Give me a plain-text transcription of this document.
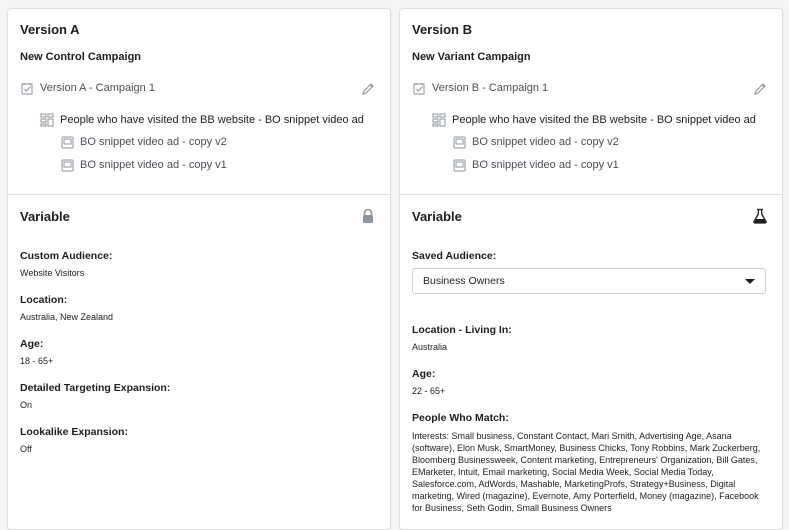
Version A
New Control Campaign
Version A - Campaign 1
People who have visited the BB website - BO snippet video ad
BO snippet video ad - copy v2
BO snippet video ad - copy v1
Variable
Custom Audience:
Website Visitors
Location:
Australia, New Zealand
Age:
18 - 65+
Detailed Targeting Expansion:
On
Lookalike Expansion:
Off
Version B
New Variant Campaign
Version B - Campaign 1
People who have visited the BB website - BO snippet video ad
BO snippet video ad - copy v2
BO snippet video ad - copy v1
Variable
Saved Audience:
Business Owners
Location - Living In:
Australia
Age:
22 - 65+
People Who Match:
Interests: Small business, Constant Contact, Mari Smith, Advertising Age, Asana (software), Elon Musk, SmartMoney, Business Chicks, Tony Robbins, Mark Zuckerberg, Bloomberg Businessweek, Content marketing, Entrepreneurs' Organization, Bill Gates, EMarketer, Intuit, Email marketing, Social Media Week, Social Media Today, Salesforce.com, AdWords, Mashable, MarketingProfs, Strategy+Business, Digital marketing, Wired (magazine), Evernote, Amy Porterfield, Money (magazine), Facebook for Business, Seth Godin, Small Business Owners
